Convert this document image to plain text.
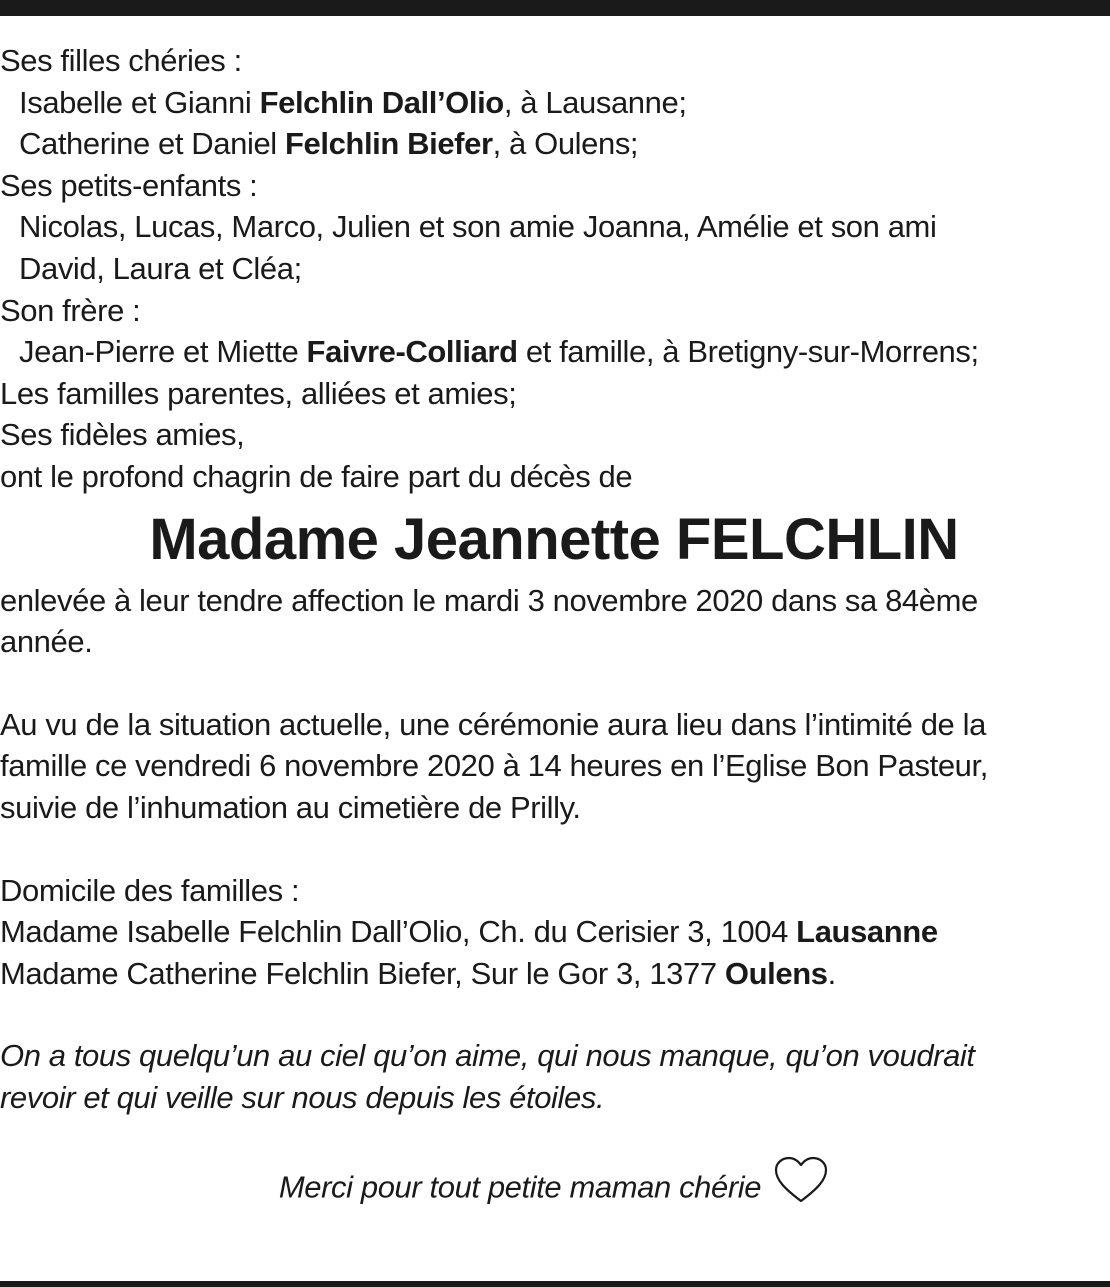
Ses filles chéries :
Isabelle et Gianni Felchlin Dall’Olio, à Lausanne;
Catherine et Daniel Felchlin Biefer, à Oulens;
Ses petits-enfants :
Nicolas, Lucas, Marco, Julien et son amie Joanna, Amélie et son ami
David, Laura et Cléa;
Son frère :
Jean-Pierre et Miette Faivre-Colliard et famille, à Bretigny-sur-Morrens;
Les familles parentes, alliées et amies;
Ses fidèles amies,
ont le profond chagrin de faire part du décès de
Madame Jeannette FELCHLIN
enlevée à leur tendre affection le mardi 3 novembre 2020 dans sa 84ème
année.
Au vu de la situation actuelle, une cérémonie aura lieu dans l’intimité de la
famille ce vendredi 6 novembre 2020 à 14 heures en l’Eglise Bon Pasteur,
suivie de l’inhumation au cimetière de Prilly.
Domicile des familles :
Madame Isabelle Felchlin Dall’Olio, Ch. du Cerisier 3, 1004 Lausanne
Madame Catherine Felchlin Biefer, Sur le Gor 3, 1377 Oulens.
On a tous quelqu’un au ciel qu’on aime, qui nous manque, qu’on voudrait
revoir et qui veille sur nous depuis les étoiles.
Merci pour tout petite maman chérie
